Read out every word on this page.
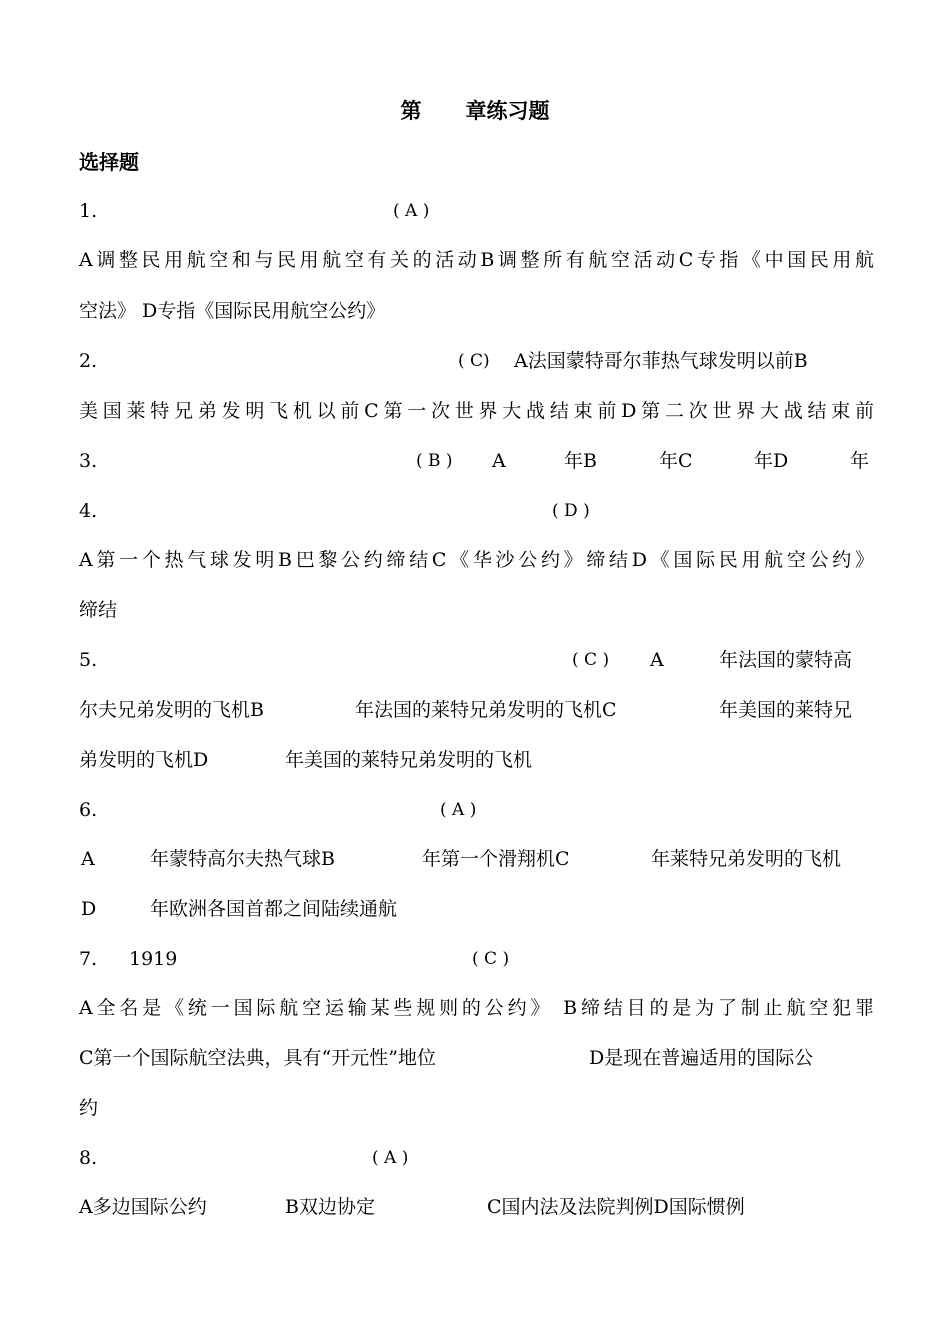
第 章练习题
选择题
1.	( A )
A调整民用航空和与民用航空有关的活动B调整所有航空活动C专指《中国民用航
空法》 D专指《国际民用航空公约》
2.	( C) A法国蒙特哥尔菲热气球发明以前B
美国莱特兄弟发明飞机以前C第一次世界大战结束前D第二次世界大战结束前
3.	( B ) A	年B	年C	年D	年
4.	( D )
A第一个热气球发明B巴黎公约缔结C《华沙公约》缔结D《国际民用航空公约》
缔结
5.	( C ) A	年法国的蒙特高
尔夫兄弟发明的飞机B	年法国的莱特兄弟发明的飞机C	年美国的莱特兄
弟发明的飞机D	年美国的莱特兄弟发明的飞机
6.	( A )
A	年蒙特高尔夫热气球B	年第一个滑翔机C	年莱特兄弟发明的飞机
D	年欧洲各国首都之间陆续通航
7. 1919	( C )
A全名是《统一国际航空运输某些规则的公约》 B缔结目的是为了制止航空犯罪
C第一个国际航空法典，具有“开元性”地位	D是现在普遍适用的国际公
约
8.	( A )
A多边国际公约	B双边协定	C国内法及法院判例D国际惯例
